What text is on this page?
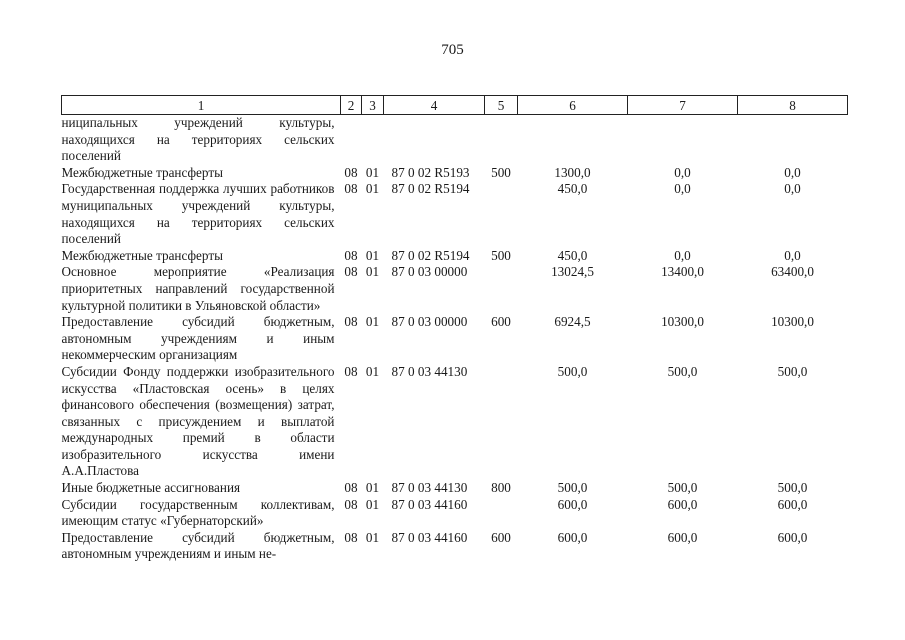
705
1	2	3	4	5	6	7	8
ниципальных учреждений культуры, находящихся на территориях сельских поселений							
Межбюджетные трансферты	08	01	87 0 02 R5193	500	1300,0	0,0	0,0
Государственная поддержка лучших работников муниципальных учреждений культуры, находящихся на территориях сельских поселений	08	01	87 0 02 R5194		450,0	0,0	0,0
Межбюджетные трансферты	08	01	87 0 02 R5194	500	450,0	0,0	0,0
Основное мероприятие «Реализация приоритетных направлений государственной культурной политики в Ульяновской области»	08	01	87 0 03 00000		13024,5	13400,0	63400,0
Предоставление субсидий бюджетным, автономным учреждениям и иным некоммерческим организациям	08	01	87 0 03 00000	600	6924,5	10300,0	10300,0
Субсидии Фонду поддержки изобразительного искусства «Пластовская осень» в целях финансового обеспечения (возмещения) затрат, связанных с присуждением и выплатой международных премий в области изобразительного искусства имени А.А.Пластова	08	01	87 0 03 44130		500,0	500,0	500,0
Иные бюджетные ассигнования	08	01	87 0 03 44130	800	500,0	500,0	500,0
Субсидии государственным коллективам, имеющим статус «Губернаторский»	08	01	87 0 03 44160		600,0	600,0	600,0
Предоставление субсидий бюджетным, автономным учреждениям и иным не-	08	01	87 0 03 44160	600	600,0	600,0	600,0
